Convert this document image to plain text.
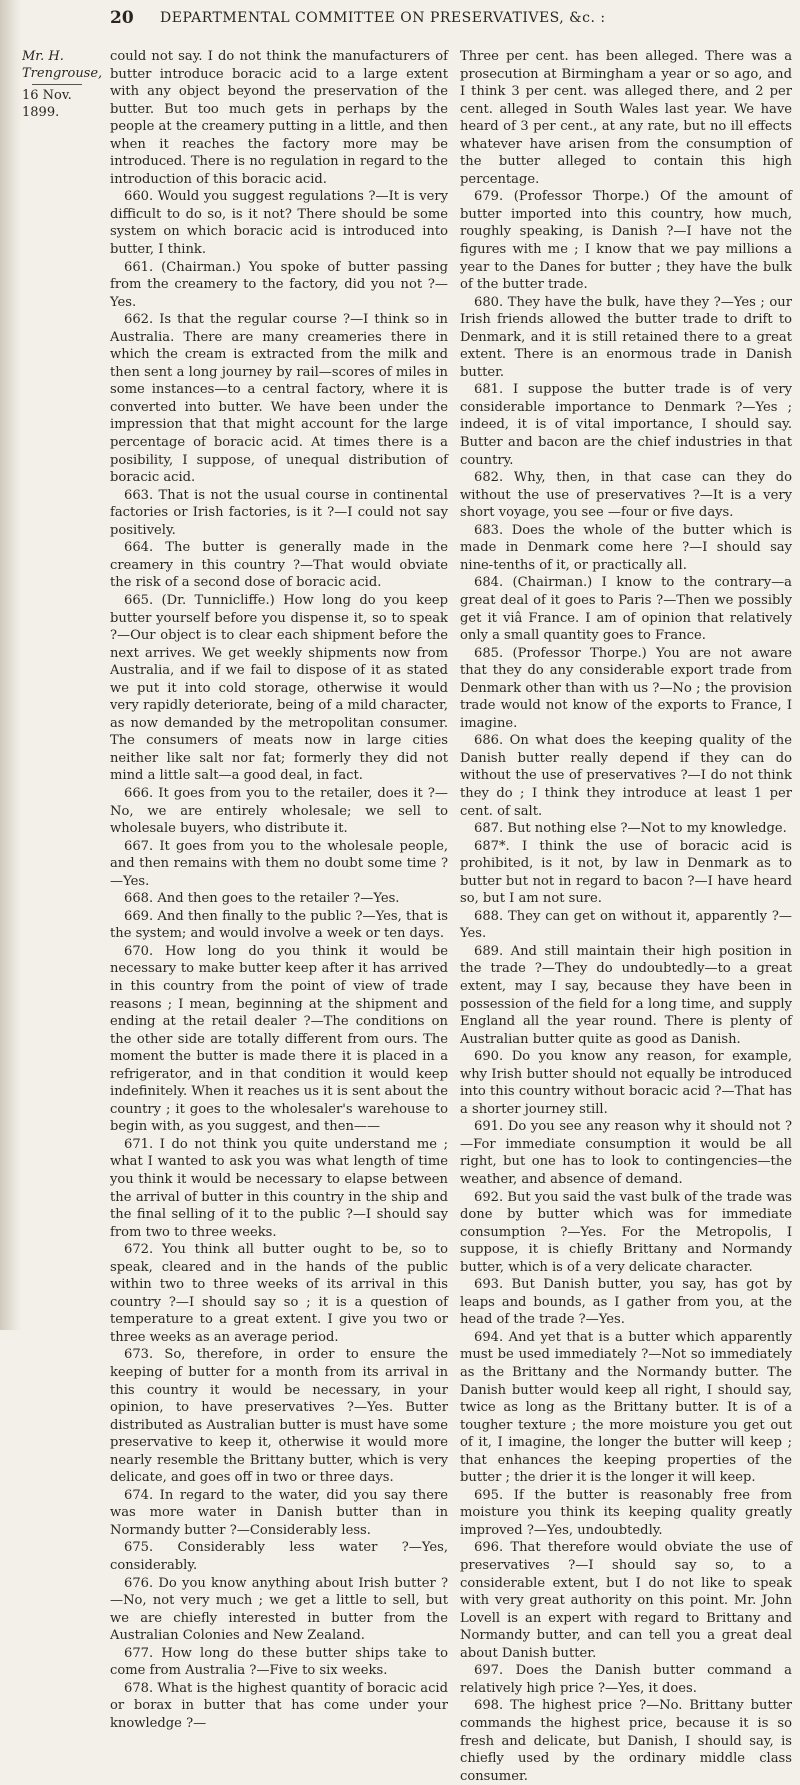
20 DEPARTMENTAL COMMITTEE ON PRESERVATIVES, &c. :
Mr. H.
Trengrouse,
16 Nov. 1899.

could not say. I do not think the manufacturers of butter introduce boracic acid to a large extent with any object beyond the preservation of the butter. But too much gets in perhaps by the people at the creamery putting in a little, and then when it reaches the factory more may be introduced. There is no regulation in regard to the introduction of this boracic acid.

660. Would you suggest regulations ?—It is very difficult to do so, is it not? There should be some system on which boracic acid is introduced into butter, I think.

661. (Chairman.) You spoke of butter passing from the creamery to the factory, did you not ?—Yes.

662. Is that the regular course ?—I think so in Australia. There are many creameries there in which the cream is extracted from the milk and then sent a long journey by rail—scores of miles in some instances—to a central factory, where it is converted into butter. We have been under the impression that that might account for the large percentage of boracic acid. At times there is a posibility, I suppose, of unequal distribution of boracic acid.

663. That is not the usual course in continental factories or Irish factories, is it ?—I could not say positively.

664. The butter is generally made in the creamery in this country ?—That would obviate the risk of a second dose of boracic acid.

665. (Dr. Tunnicliffe.) How long do you keep butter yourself before you dispense it, so to speak ?—Our object is to clear each shipment before the next arrives. We get weekly shipments now from Australia, and if we fail to dispose of it as stated we put it into cold storage, otherwise it would very rapidly deteriorate, being of a mild character, as now demanded by the metropolitan consumer. The consumers of meats now in large cities neither like salt nor fat; formerly they did not mind a little salt—a good deal, in fact.

666. It goes from you to the retailer, does it ?—No, we are entirely wholesale; we sell to wholesale buyers, who distribute it.

667. It goes from you to the wholesale people, and then remains with them no doubt some time ?—Yes.

668. And then goes to the retailer ?—Yes.

669. And then finally to the public ?—Yes, that is the system; and would involve a week or ten days.

670. How long do you think it would be necessary to make butter keep after it has arrived in this country from the point of view of trade reasons ; I mean, beginning at the shipment and ending at the retail dealer ?—The conditions on the other side are totally different from ours. The moment the butter is made there it is placed in a refrigerator, and in that condition it would keep indefinitely. When it reaches us it is sent about the country ; it goes to the wholesaler's warehouse to begin with, as you suggest, and then——

671. I do not think you quite understand me ; what I wanted to ask you was what length of time you think it would be necessary to elapse between the arrival of butter in this country in the ship and the final selling of it to the public ?—I should say from two to three weeks.

672. You think all butter ought to be, so to speak, cleared and in the hands of the public within two to three weeks of its arrival in this country ?—I should say so ; it is a question of temperature to a great extent. I give you two or three weeks as an average period.

673. So, therefore, in order to ensure the keeping of butter for a month from its arrival in this country it would be necessary, in your opinion, to have preservatives ?—Yes. Butter distributed as Australian butter is must have some preservative to keep it, otherwise it would more nearly resemble the Brittany butter, which is very delicate, and goes off in two or three days.

674. In regard to the water, did you say there was more water in Danish butter than in Normandy butter ?—Considerably less.

675. Considerably less water ?—Yes, considerably.

676. Do you know anything about Irish butter ?—No, not very much ; we get a little to sell, but we are chiefly interested in butter from the Australian Colonies and New Zealand.

677. How long do these butter ships take to come from Australia ?—Five to six weeks.

678. What is the highest quantity of boracic acid or borax in butter that has come under your knowledge ?—

Three per cent. has been alleged. There was a prosecution at Birmingham a year or so ago, and I think 3 per cent. was alleged there, and 2 per cent. alleged in South Wales last year. We have heard of 3 per cent., at any rate, but no ill effects whatever have arisen from the consumption of the butter alleged to contain this high percentage.

679. (Professor Thorpe.) Of the amount of butter imported into this country, how much, roughly speaking, is Danish ?—I have not the figures with me ; I know that we pay millions a year to the Danes for butter ; they have the bulk of the butter trade.

680. They have the bulk, have they ?—Yes ; our Irish friends allowed the butter trade to drift to Denmark, and it is still retained there to a great extent. There is an enormous trade in Danish butter.

681. I suppose the butter trade is of very considerable importance to Denmark ?—Yes ; indeed, it is of vital importance, I should say. Butter and bacon are the chief industries in that country.

682. Why, then, in that case can they do without the use of preservatives ?—It is a very short voyage, you see —four or five days.

683. Does the whole of the butter which is made in Denmark come here ?—I should say nine-tenths of it, or practically all.

684. (Chairman.) I know to the contrary—a great deal of it goes to Paris ?—Then we possibly get it viâ France. I am of opinion that relatively only a small quantity goes to France.

685. (Professor Thorpe.) You are not aware that they do any considerable export trade from Denmark other than with us ?—No ; the provision trade would not know of the exports to France, I imagine.

686. On what does the keeping quality of the Danish butter really depend if they can do without the use of preservatives ?—I do not think they do ; I think they introduce at least 1 per cent. of salt.

687. But nothing else ?—Not to my knowledge.

687*. I think the use of boracic acid is prohibited, is it not, by law in Denmark as to butter but not in regard to bacon ?—I have heard so, but I am not sure.

688. They can get on without it, apparently ?—Yes.

689. And still maintain their high position in the trade ?—They do undoubtedly—to a great extent, may I say, because they have been in possession of the field for a long time, and supply England all the year round. There is plenty of Australian butter quite as good as Danish.

690. Do you know any reason, for example, why Irish butter should not equally be introduced into this country without boracic acid ?—That has a shorter journey still.

691. Do you see any reason why it should not ?—For immediate consumption it would be all right, but one has to look to contingencies—the weather, and absence of demand.

692. But you said the vast bulk of the trade was done by butter which was for immediate consumption ?—Yes. For the Metropolis, I suppose, it is chiefly Brittany and Normandy butter, which is of a very delicate character.

693. But Danish butter, you say, has got by leaps and bounds, as I gather from you, at the head of the trade ?—Yes.

694. And yet that is a butter which apparently must be used immediately ?—Not so immediately as the Brittany and the Normandy butter. The Danish butter would keep all right, I should say, twice as long as the Brittany butter. It is of a tougher texture ; the more moisture you get out of it, I imagine, the longer the butter will keep ; that enhances the keeping properties of the butter ; the drier it is the longer it will keep.

695. If the butter is reasonably free from moisture you think its keeping quality greatly improved ?—Yes, undoubtedly.

696. That therefore would obviate the use of preservatives ?—I should say so, to a considerable extent, but I do not like to speak with very great authority on this point. Mr. John Lovell is an expert with regard to Brittany and Normandy butter, and can tell you a great deal about Danish butter.

697. Does the Danish butter command a relatively high price ?—Yes, it does.

698. The highest price ?—No. Brittany butter commands the highest price, because it is so fresh and delicate, but Danish, I should say, is chiefly used by the ordinary middle class consumer.
